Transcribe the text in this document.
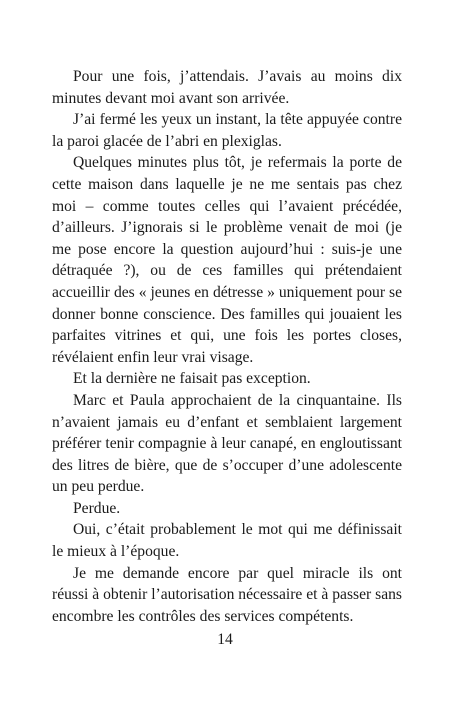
Pour une fois, j’attendais. J’avais au moins dix minutes devant moi avant son arrivée.

J’ai fermé les yeux un instant, la tête appuyée contre la paroi glacée de l’abri en plexiglas.

Quelques minutes plus tôt, je refermais la porte de cette maison dans laquelle je ne me sentais pas chez moi – comme toutes celles qui l’avaient précédée, d’ailleurs. J’ignorais si le problème venait de moi (je me pose encore la question aujourd’hui : suis-je une détraquée ?), ou de ces familles qui prétendaient accueillir des « jeunes en détresse » uniquement pour se donner bonne conscience. Des familles qui jouaient les parfaites vitrines et qui, une fois les portes closes, révélaient enfin leur vrai visage.

Et la dernière ne faisait pas exception.

Marc et Paula approchaient de la cinquantaine. Ils n’avaient jamais eu d’enfant et semblaient largement préférer tenir compagnie à leur canapé, en engloutissant des litres de bière, que de s’occuper d’une adolescente un peu perdue.

Perdue.

Oui, c’était probablement le mot qui me définissait le mieux à l’époque.

Je me demande encore par quel miracle ils ont réussi à obtenir l’autorisation nécessaire et à passer sans encombre les contrôles des services compétents.

14
